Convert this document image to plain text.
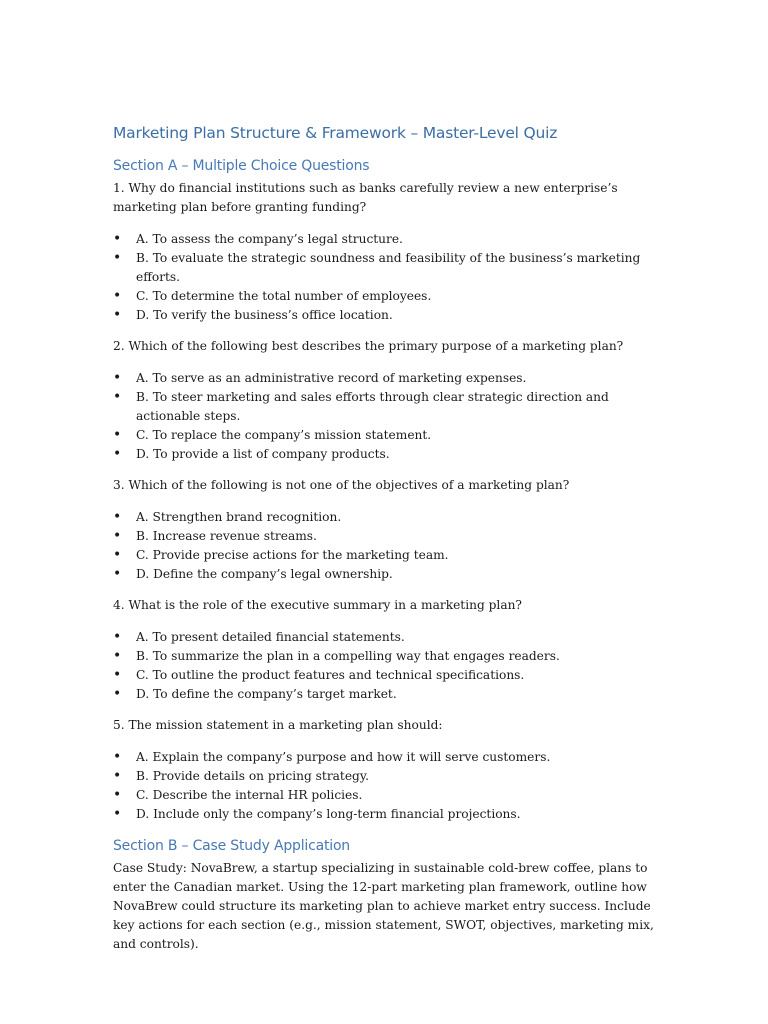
Marketing Plan Structure & Framework – Master-Level Quiz
Section A – Multiple Choice Questions

1. Why do financial institutions such as banks carefully review a new enterprise’s marketing plan before granting funding?

• A. To assess the company’s legal structure.
• B. To evaluate the strategic soundness and feasibility of the business’s marketing efforts.
• C. To determine the total number of employees.
• D. To verify the business’s office location.

2. Which of the following best describes the primary purpose of a marketing plan?

• A. To serve as an administrative record of marketing expenses.
• B. To steer marketing and sales efforts through clear strategic direction and actionable steps.
• C. To replace the company’s mission statement.
• D. To provide a list of company products.

3. Which of the following is not one of the objectives of a marketing plan?

• A. Strengthen brand recognition.
• B. Increase revenue streams.
• C. Provide precise actions for the marketing team.
• D. Define the company’s legal ownership.

4. What is the role of the executive summary in a marketing plan?

• A. To present detailed financial statements.
• B. To summarize the plan in a compelling way that engages readers.
• C. To outline the product features and technical specifications.
• D. To define the company’s target market.

5. The mission statement in a marketing plan should:

• A. Explain the company’s purpose and how it will serve customers.
• B. Provide details on pricing strategy.
• C. Describe the internal HR policies.
• D. Include only the company’s long-term financial projections.
Section B – Case Study Application

Case Study: NovaBrew, a startup specializing in sustainable cold-brew coffee, plans to enter the Canadian market. Using the 12-part marketing plan framework, outline how NovaBrew could structure its marketing plan to achieve market entry success. Include key actions for each section (e.g., mission statement, SWOT, objectives, marketing mix, and controls).
